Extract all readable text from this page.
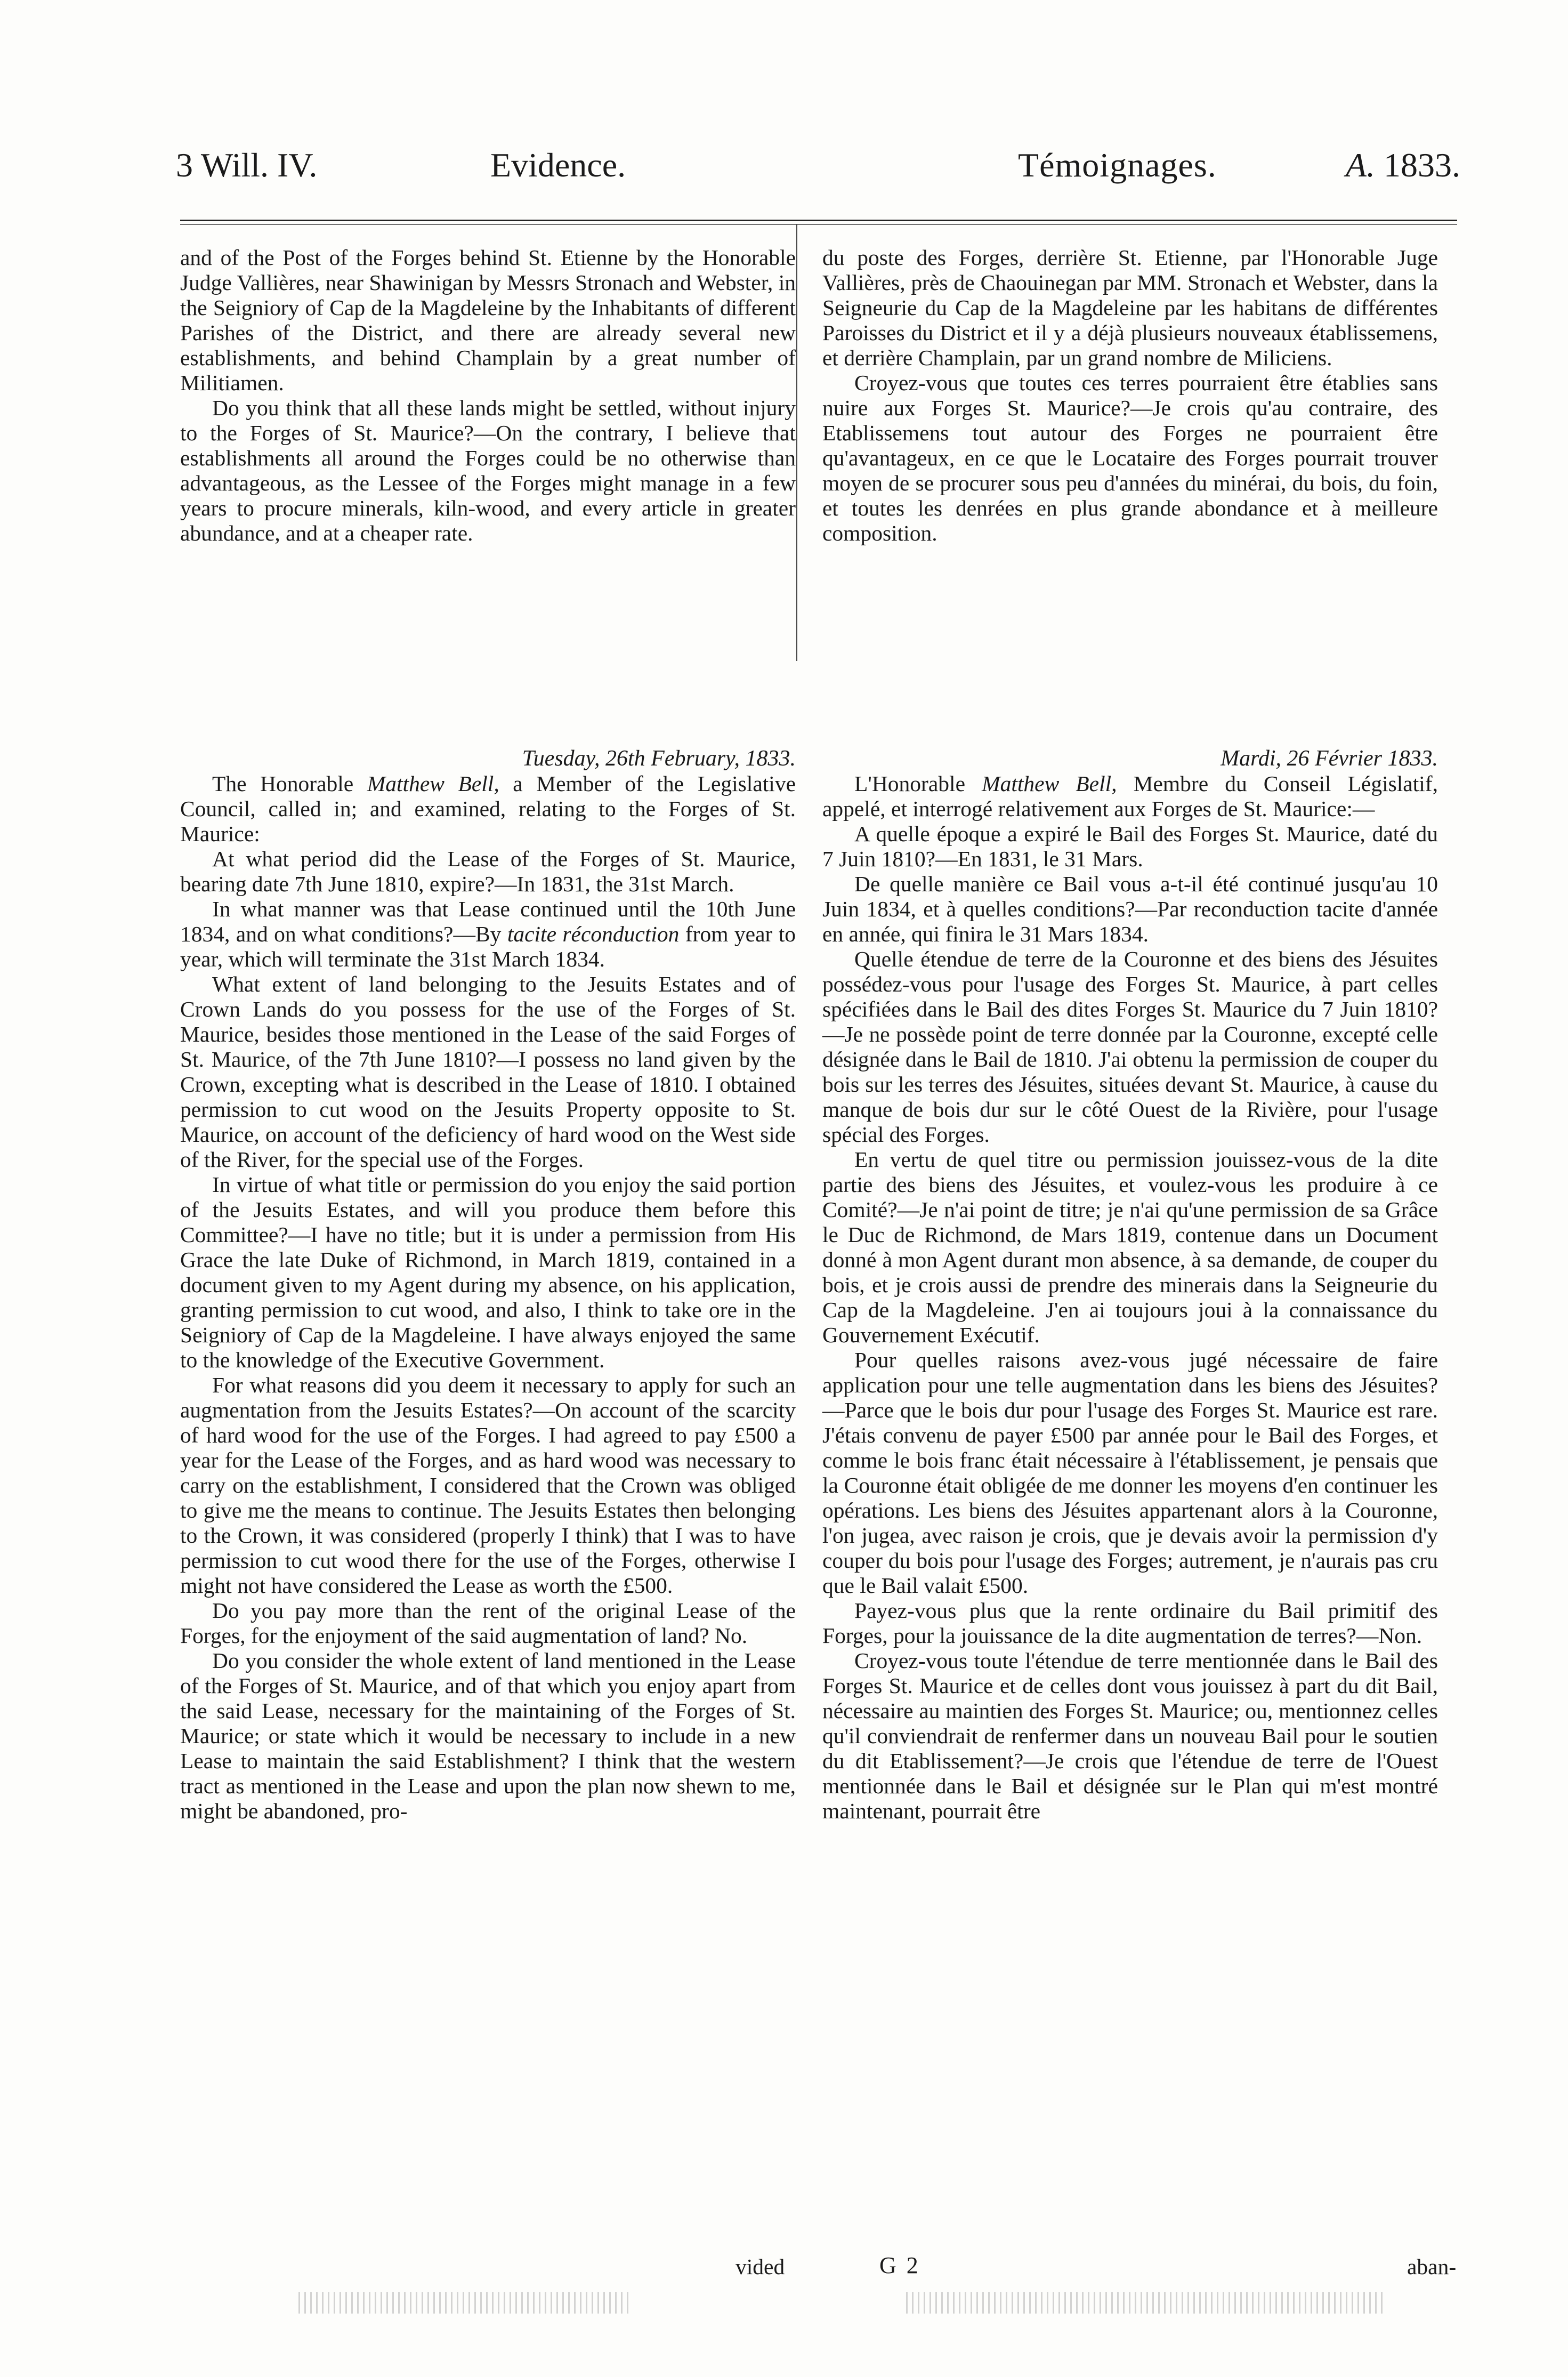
3 Will. IV.	Evidence.	Témoignages.	A. 1833.

and of the Post of the Forges behind St. Etienne by the Honorable Judge Vallières, near Shawinigan by Messrs Stronach and Webster, in the Seigniory of Cap de la Magdeleine by the Inhabitants of different Parishes of the District, and there are already several new establishments, and behind Champlain by a great number of Militiamen.

Do you think that all these lands might be settled, without injury to the Forges of St. Maurice?—On the contrary, I believe that establishments all around the Forges could be no otherwise than advantageous, as the Lessee of the Forges might manage in a few years to procure minerals, kiln-wood, and every article in greater abundance, and at a cheaper rate.

du poste des Forges, derrière St. Etienne, par l'Honorable Juge Vallières, près de Chaouinegan par MM. Stronach et Webster, dans la Seigneurie du Cap de la Magdeleine par les habitans de différentes Paroisses du District et il y a déjà plusieurs nouveaux établissemens, et derrière Champlain, par un grand nombre de Miliciens.

Croyez-vous que toutes ces terres pourraient être établies sans nuire aux Forges St. Maurice?—Je crois qu'au contraire, des Etablissemens tout autour des Forges ne pourraient être qu'avantageux, en ce que le Locataire des Forges pourrait trouver moyen de se procurer sous peu d'années du minérai, du bois, du foin, et toutes les denrées en plus grande abondance et à meilleure composition.

Tuesday, 26th February, 1833.

The Honorable Matthew Bell, a Member of the Legislative Council, called in; and examined, relating to the Forges of St. Maurice:

At what period did the Lease of the Forges of St. Maurice, bearing date 7th June 1810, expire?—In 1831, the 31st March.

In what manner was that Lease continued until the 10th June 1834, and on what conditions?—By tacite réconduction from year to year, which will terminate the 31st March 1834.

What extent of land belonging to the Jesuits Estates and of Crown Lands do you possess for the use of the Forges of St. Maurice, besides those mentioned in the Lease of the said Forges of St. Maurice, of the 7th June 1810?—I possess no land given by the Crown, excepting what is described in the Lease of 1810. I obtained permission to cut wood on the Jesuits Property opposite to St. Maurice, on account of the deficiency of hard wood on the West side of the River, for the special use of the Forges.

In virtue of what title or permission do you enjoy the said portion of the Jesuits Estates, and will you produce them before this Committee?—I have no title; but it is under a permission from His Grace the late Duke of Richmond, in March 1819, contained in a document given to my Agent during my absence, on his application, granting permission to cut wood, and also, I think to take ore in the Seigniory of Cap de la Magdeleine. I have always enjoyed the same to the knowledge of the Executive Government.

For what reasons did you deem it necessary to apply for such an augmentation from the Jesuits Estates?—On account of the scarcity of hard wood for the use of the Forges. I had agreed to pay £500 a year for the Lease of the Forges, and as hard wood was necessary to carry on the establishment, I considered that the Crown was obliged to give me the means to continue. The Jesuits Estates then belonging to the Crown, it was considered (properly I think) that I was to have permission to cut wood there for the use of the Forges, otherwise I might not have considered the Lease as worth the £500.

Do you pay more than the rent of the original Lease of the Forges, for the enjoyment of the said augmentation of land? No.

Do you consider the whole extent of land mentioned in the Lease of the Forges of St. Maurice, and of that which you enjoy apart from the said Lease, necessary for the maintaining of the Forges of St. Maurice; or state which it would be necessary to include in a new Lease to maintain the said Establishment? I think that the western tract as mentioned in the Lease and upon the plan now shewn to me, might be abandoned, pro-

Mardi, 26 Février 1833.

L'Honorable Matthew Bell, Membre du Conseil Législatif, appelé, et interrogé relativement aux Forges de St. Maurice:—

A quelle époque a expiré le Bail des Forges St. Maurice, daté du 7 Juin 1810?—En 1831, le 31 Mars.

De quelle manière ce Bail vous a-t-il été continué jusqu'au 10 Juin 1834, et à quelles conditions?—Par reconduction tacite d'année en année, qui finira le 31 Mars 1834.

Quelle étendue de terre de la Couronne et des biens des Jésuites possédez-vous pour l'usage des Forges St. Maurice, à part celles spécifiées dans le Bail des dites Forges St. Maurice du 7 Juin 1810?—Je ne possède point de terre donnée par la Couronne, excepté celle désignée dans le Bail de 1810. J'ai obtenu la permission de couper du bois sur les terres des Jésuites, situées devant St. Maurice, à cause du manque de bois dur sur le côté Ouest de la Rivière, pour l'usage spécial des Forges.

En vertu de quel titre ou permission jouissez-vous de la dite partie des biens des Jésuites, et voulez-vous les produire à ce Comité?—Je n'ai point de titre; je n'ai qu'une permission de sa Grâce le Duc de Richmond, de Mars 1819, contenue dans un Document donné à mon Agent durant mon absence, à sa demande, de couper du bois, et je crois aussi de prendre des minerais dans la Seigneurie du Cap de la Magdeleine. J'en ai toujours joui à la connaissance du Gouvernement Exécutif.

Pour quelles raisons avez-vous jugé nécessaire de faire application pour une telle augmentation dans les biens des Jésuites?—Parce que le bois dur pour l'usage des Forges St. Maurice est rare. J'étais convenu de payer £500 par année pour le Bail des Forges, et comme le bois franc était nécessaire à l'établissement, je pensais que la Couronne était obligée de me donner les moyens d'en continuer les opérations. Les biens des Jésuites appartenant alors à la Couronne, l'on jugea, avec raison je crois, que je devais avoir la permission d'y couper du bois pour l'usage des Forges; autrement, je n'aurais pas cru que le Bail valait £500.

Payez-vous plus que la rente ordinaire du Bail primitif des Forges, pour la jouissance de la dite augmentation de terres?—Non.

Croyez-vous toute l'étendue de terre mentionnée dans le Bail des Forges St. Maurice et de celles dont vous jouissez à part du dit Bail, nécessaire au maintien des Forges St. Maurice; ou, mentionnez celles qu'il conviendrait de renfermer dans un nouveau Bail pour le soutien du dit Etablissement?—Je crois que l'étendue de terre de l'Ouest mentionnée dans le Bail et désignée sur le Plan qui m'est montré maintenant, pourrait être

vided	G 2	aban-
